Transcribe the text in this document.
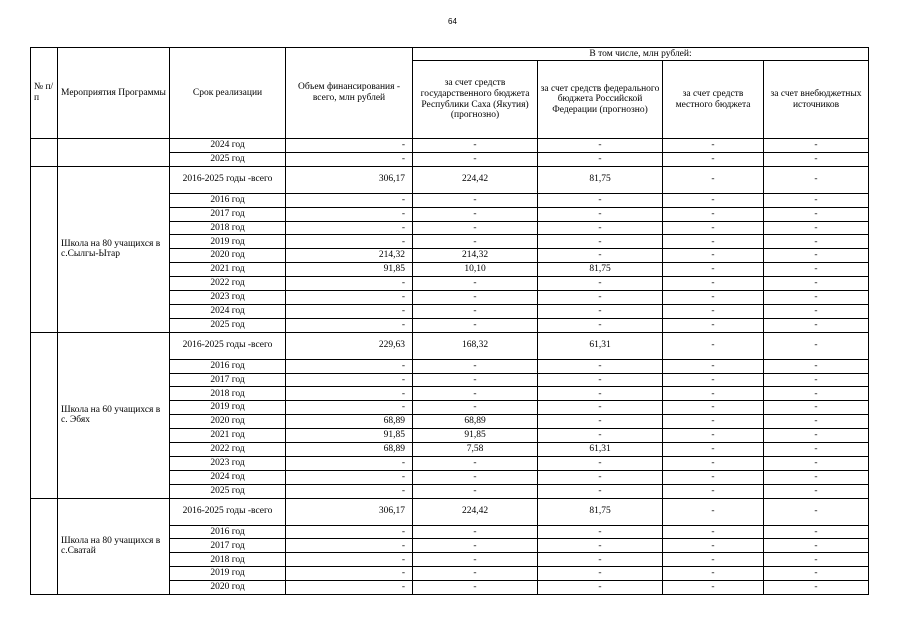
64
№ п/п	Мероприятия Программы	Срок реализации	Объем финансирования - всего, млн рублей	В том числе, млн рублей:			
				за счет средств государственного бюджета Республики Саха (Якутия) (прогнозно)	за счет средств федерального бюджета Российской Федерации (прогнозно)	за счет средств местного бюджета	за счет внебюджетных источников
		2024 год	-	-	-	-	-
		2025 год	-	-	-	-	-
	Школа на 80 учащихся в с.Сылгы-Ытар	2016-2025 годы -всего	306,17	224,42	81,75	-	-
		2016 год	-	-	-	-	-
		2017 год	-	-	-	-	-
		2018 год	-	-	-	-	-
		2019 год	-	-	-	-	-
		2020 год	214,32	214,32	-	-	-
		2021 год	91,85	10,10	81,75	-	-
		2022 год	-	-	-	-	-
		2023 год	-	-	-	-	-
		2024 год	-	-	-	-	-
		2025 год	-	-	-	-	-
	Школа на 60 учащихся в с. Эбях	2016-2025 годы -всего	229,63	168,32	61,31	-	-
		2016 год	-	-	-	-	-
		2017 год	-	-	-	-	-
		2018 год	-	-	-	-	-
		2019 год	-	-	-	-	-
		2020 год	68,89	68,89	-	-	-
		2021 год	91,85	91,85	-	-	-
		2022 год	68,89	7,58	61,31	-	-
		2023 год	-	-	-	-	-
		2024 год	-	-	-	-	-
		2025 год	-	-	-	-	-
	Школа на 80 учащихся в с.Сватай	2016-2025 годы -всего	306,17	224,42	81,75	-	-
		2016 год	-	-	-	-	-
		2017 год	-	-	-	-	-
		2018 год	-	-	-	-	-
		2019 год	-	-	-	-	-
		2020 год	-	-	-	-	-
